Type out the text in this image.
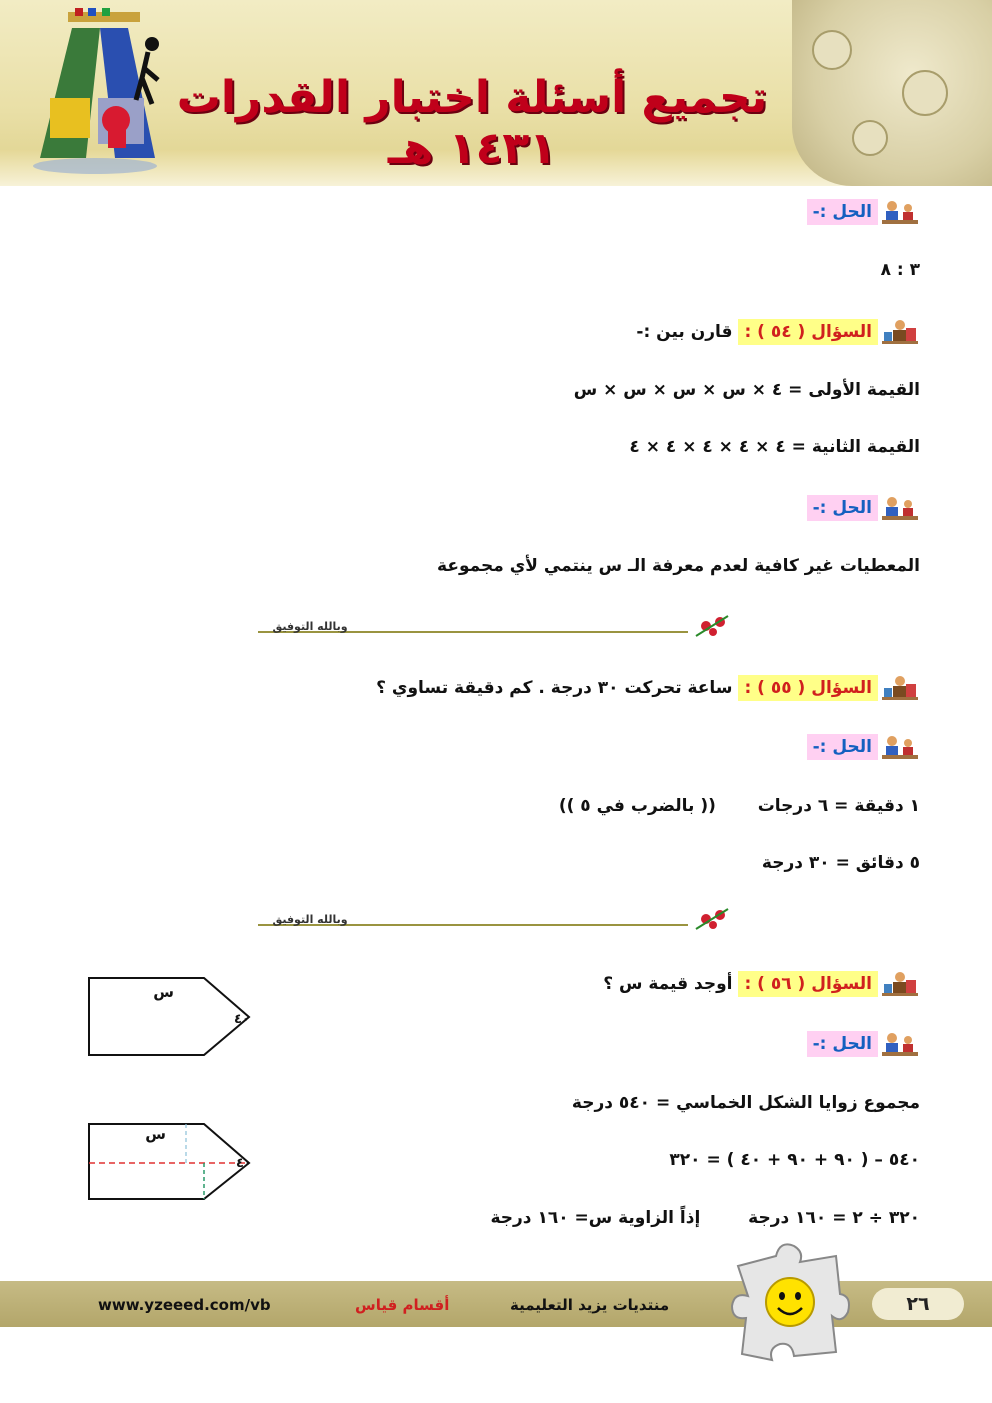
تجميع أسئلة اختبار القدرات ١٤٣١ هـ
الحل :-
٣ : ٨
السؤال ( ٥٤ ) : قارن بين :-
القيمة الأولى = ٤ × س × س × س × س
القيمة الثانية = ٤ × ٤ × ٤ × ٤ × ٤
الحل :-
المعطيات غير كافية لعدم معرفة الـ س ينتمي لأي مجموعة
وبالله التوفيق
السؤال ( ٥٥ ) : ساعة تحركت ٣٠ درجة . كم دقيقة تساوي ؟
الحل :-
١ دقيقة = ٦ درجات  (( بالضرب في ٥ ))
٥ دقائق = ٣٠ درجة
وبالله التوفيق
السؤال ( ٥٦ ) : أوجد قيمة س ؟
الحل :-
مجموع زوايا الشكل الخماسي = ٥٤٠ درجة
٥٤٠ – ( ٩٠ + ٩٠ + ٤٠ ) = ٣٢٠
٣٢٠ ÷ ٢ = ١٦٠ درجة  إذاً الزاوية س= ١٦٠ درجة
س
٤٠
س
٤٠
www.yzeeed.com/vb	أقسام قياس	منتديات يزيد التعليمية	٢٦
